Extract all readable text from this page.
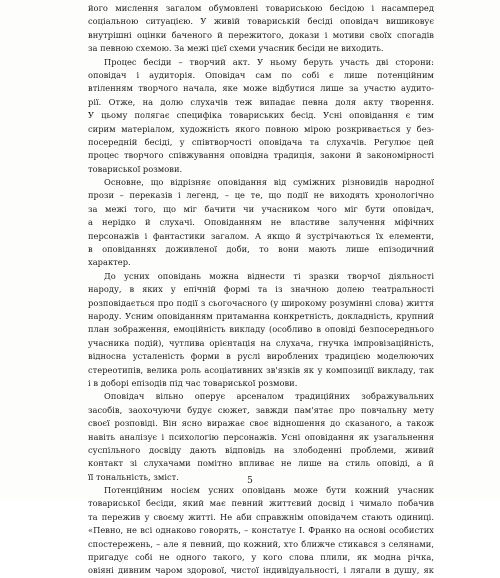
його мислення загалом обумовлені товариською бесідою і насамперед
соціальною ситуацією. У живій товариській бесіді оповідач вишиковує
внутрішні оцінки баченого й пережитого, докази і мотиви своїх спогадів
за певною схемою. За межі цієї схеми учасник бесіди не виходить.
Процес бесіди – творчий акт. У ньому беруть участь дві сторони:
оповідач і аудиторія. Оповідач сам по собі є лише потенційним
втіленням творчого начала, яке може відбутися лише за участю аудито-
рії. Отже, на долю слухачів теж випадає певна доля акту творення.
У цьому полягає специфіка товариських бесід. Усні оповідання є тим
сирим матеріалом, художність якого повною мірою розкривається у без-
посередній бесіді, у співтворчості оповідача та слухачів. Регулює цей
процес творчого співжування оповідна традиція, закони й закономірності
товариської розмови.
Основне, що відрізняє оповідання від суміжних різновидів народної
прози – переказів і легенд, – це те, що події не виходять хронологічно
за межі того, що міг бачити чи учасником чого міг бути оповідач,
а нерідко й слухачі. Оповіданням не властиве залучення міфічних
персонажів і фантастики загалом. А якщо й зустрічаються їх елементи,
в оповіданнях доживленої доби, то вони мають лише епізодичний
характер.
До усних оповідань можна віднести ті зразки творчої діяльності
народу, в яких у епічній формі та із значною долею театральності
розповідається про події з сьогочасного (у широкому розумінні слова) життя
народу. Усним оповіданням притаманна конкретність, докладність, крупний
план зображення, емоційність викладу (особливо в оповіді безпосереднього
учасника подій), чутлива орієнтація на слухача, гнучка імпровізаційність,
відносна усталеність форми в руслі вироблених традицією моделюючих
стереотипів, велика роль асоціативних зв'язків як у композиції викладу, так
і в доборі епізодів під час товариської розмови.
Оповідач вільно оперує арсеналом традиційних зображувальних
засобів, заохочуючи будує сюжет, завжди пам'ятає про повчальну мету
своєї розповіді. Він ясно виражає своє відношення до сказаного, а також
навіть аналізує і психологію персонажів. Усні оповідання як узагальнення
суспільного досвіду дають відповідь на злободенні проблеми, живий
контакт зі слухачами помітно впливає не лише на стиль оповіді, а й
її тональність, зміст.
Потенційним носієм усних оповідань може бути кожний учасник
товариської бесіди, який має певний життєвий досвід і чимало побачив
та пережив у своєму житті. Не аби справжнім оповідачем стають одиниці.
«Певно, не всі однаково говорять, – констатує І. Франко на основі особистих
спостережень, – але я певний, що кожний, хто ближче стикався з селянами,
пригадує собі не одного такого, у кого слова плили, як модна річка,
овіяні дивним чаром здорової, чистої індивідуальності, і лягали в душу, як
5
